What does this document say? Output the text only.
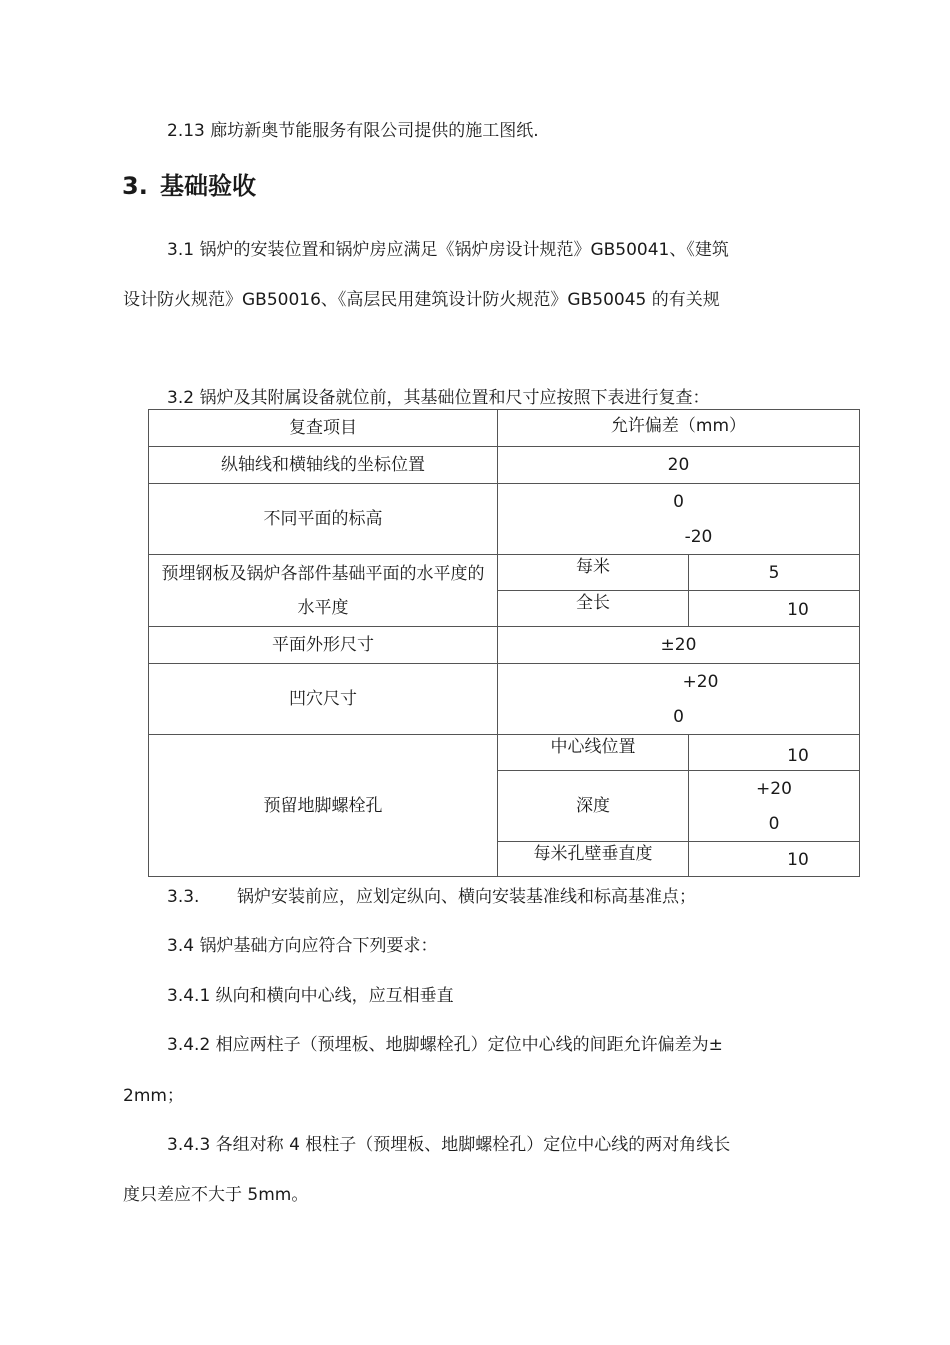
2.13 廊坊新奥节能服务有限公司提供的施工图纸.
3. 基础验收
3.1 锅炉的安装位置和锅炉房应满足《锅炉房设计规范》GB50041、《建筑
设计防火规范》GB50016、《高层民用建筑设计防火规范》GB50045 的有关规
3.2 锅炉及其附属设备就位前，其基础位置和尺寸应按照下表进行复查：
复查项目	允许偏差（mm）	
纵轴线和横轴线的坐标位置	20	
不同平面的标高	0
-20	

预埋钢板及锅炉各部件基础平面的水平度的水平度	每米	5
	全长	10
平面外形尺寸	±20	
凹穴尺寸	+20
0	

预留地脚螺栓孔	中心线位置	10
	深度	+20
0

	每米孔壁垂直度	10
3.3. 锅炉安装前应，应划定纵向、横向安装基准线和标高基准点；
3.4 锅炉基础方向应符合下列要求：
3.4.1 纵向和横向中心线，应互相垂直
3.4.2 相应两柱子（预埋板、地脚螺栓孔）定位中心线的间距允许偏差为±
2mm；
3.4.3 各组对称 4 根柱子（预埋板、地脚螺栓孔）定位中心线的两对角线长
度只差应不大于 5mm。
